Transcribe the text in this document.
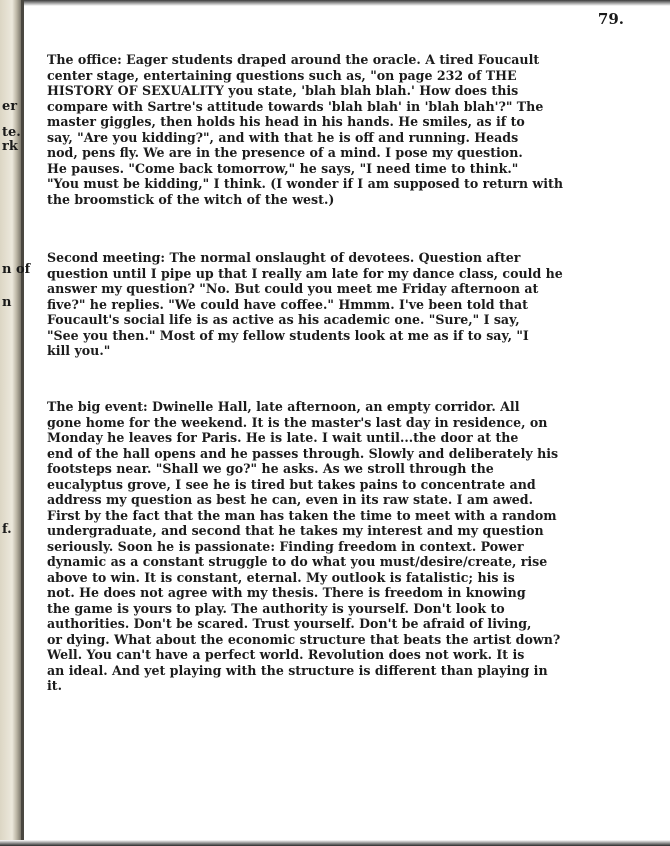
er
te.
rk
n of
n
f.
79.
The office: Eager students draped around the oracle. A tired Foucault
center stage, entertaining questions such as, "on page 232 of THE
HISTORY OF SEXUALITY you state, 'blah blah blah.' How does this
compare with Sartre's attitude towards 'blah blah' in 'blah blah'?" The
master giggles, then holds his head in his hands. He smiles, as if to
say, "Are you kidding?", and with that he is off and running. Heads
nod, pens fly. We are in the presence of a mind. I pose my question.
He pauses. "Come back tomorrow," he says, "I need time to think."
"You must be kidding," I think. (I wonder if I am supposed to return with
the broomstick of the witch of the west.)
Second meeting: The normal onslaught of devotees. Question after
question until I pipe up that I really am late for my dance class, could he
answer my question? "No. But could you meet me Friday afternoon at
five?" he replies. "We could have coffee." Hmmm. I've been told that
Foucault's social life is as active as his academic one. "Sure," I say,
"See you then." Most of my fellow students look at me as if to say, "I
kill you."
The big event: Dwinelle Hall, late afternoon, an empty corridor. All
gone home for the weekend. It is the master's last day in residence, on
Monday he leaves for Paris. He is late. I wait until...the door at the
end of the hall opens and he passes through. Slowly and deliberately his
footsteps near. "Shall we go?" he asks. As we stroll through the
eucalyptus grove, I see he is tired but takes pains to concentrate and
address my question as best he can, even in its raw state. I am awed.
First by the fact that the man has taken the time to meet with a random
undergraduate, and second that he takes my interest and my question
seriously. Soon he is passionate: Finding freedom in context. Power
dynamic as a constant struggle to do what you must/desire/create, rise
above to win. It is constant, eternal. My outlook is fatalistic; his is
not. He does not agree with my thesis. There is freedom in knowing
the game is yours to play. The authority is yourself. Don't look to
authorities. Don't be scared. Trust yourself. Don't be afraid of living,
or dying. What about the economic structure that beats the artist down?
Well. You can't have a perfect world. Revolution does not work. It is
an ideal. And yet playing with the structure is different than playing in
it.
